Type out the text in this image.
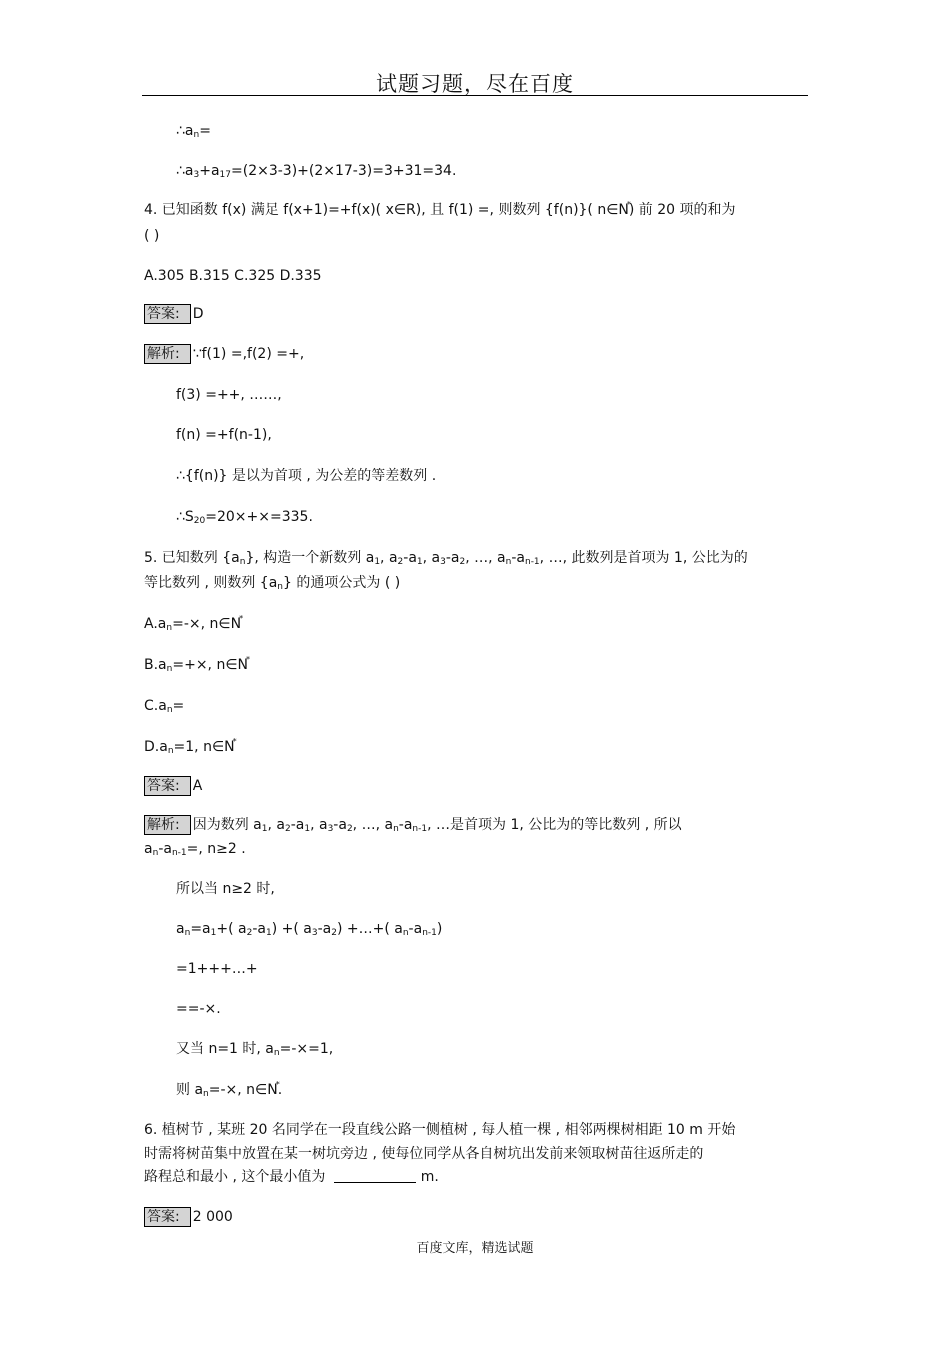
试题习题，尽在百度
∴an=
∴a3+a17=(2×3-3)+(2×17-3)=3+31=34.
4. 已知函数 f(x) 满足 f(x+1)=+f(x)( x∈R), 且 f(1) =, 则数列 {f(n)}( n∈N) 前 20 项的和为
( )
A.305 B.315 C.325 D.335
答案: D
解析: ∵f(1) =,f(2) =+,
f(3) =++, ……,
f(n) =+f(n-1),
∴{f(n)} 是以为首项 , 为公差的等差数列 .
∴S20=20×+×=335.
5. 已知数列 {an}, 构造一个新数列 a1, a2-a1, a3-a2, …, an-an-1, …, 此数列是首项为 1, 公比为的
等比数列 , 则数列 {an} 的通项公式为 ( )
A.an=-×, n∈N
B.an=+×, n∈N
C.an=
D.an=1, n∈N
答案: A
解析: 因为数列 a1, a2-a1, a3-a2, …, an-an-1, …是首项为 1, 公比为的等比数列 , 所以
an-an-1=, n≥2 .
所以当 n≥2 时,
an=a1+( a2-a1) +( a3-a2) +…+( an-an-1)
=1+++…+
==-×.
又当 n=1 时, an=-×=1,
则 an=-×, n∈N.
6. 植树节 , 某班 20 名同学在一段直线公路一侧植树 , 每人植一棵 , 相邻两棵树相距 10 m 开始
时需将树苗集中放置在某一树坑旁边 , 使每位同学从各自树坑出发前来领取树苗往返所走的
路程总和最小 , 这个最小值为	m.
答案: 2 000
百度文库，精选试题
